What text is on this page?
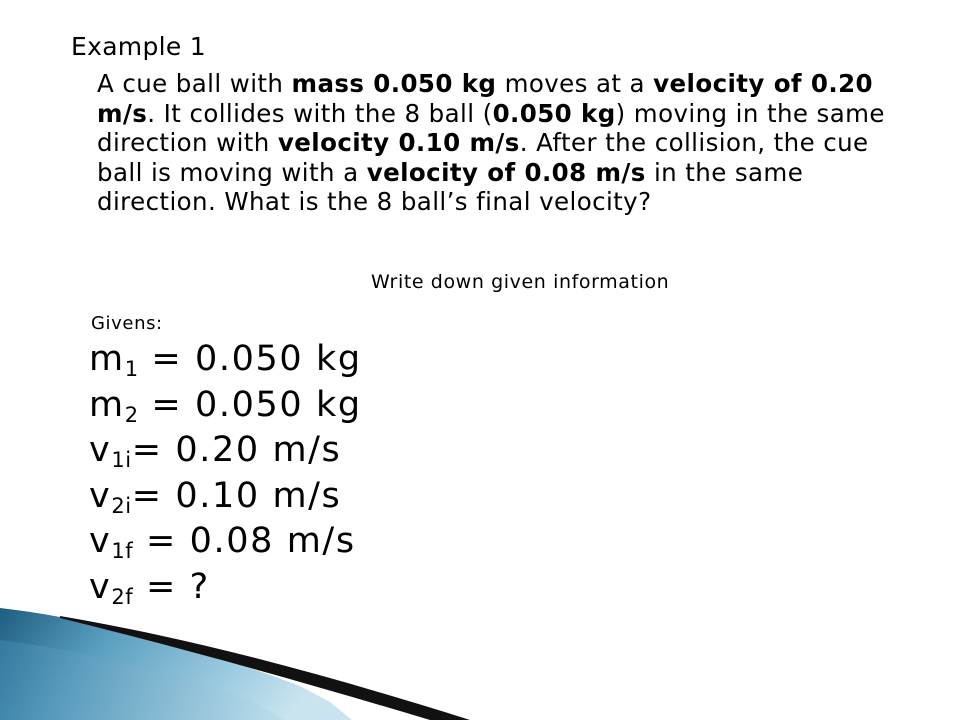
Example 1

A cue ball with mass 0.050 kg moves at a velocity of 0.20 m/s. It collides with the 8 ball (0.050 kg) moving in the same direction with velocity 0.10 m/s. After the collision, the cue ball is moving with a velocity of 0.08 m/s in the same direction. What is the 8 ball’s final velocity?

Write down given information

Givens:

$m_1 = 0.050$ kg
$m_2 = 0.050$ kg
$v_{1i}= 0.20$ m/s
$v_{2i}= 0.10$ m/s
$v_{1f} = 0.08$ m/s
$v_{2f}$ = ?
